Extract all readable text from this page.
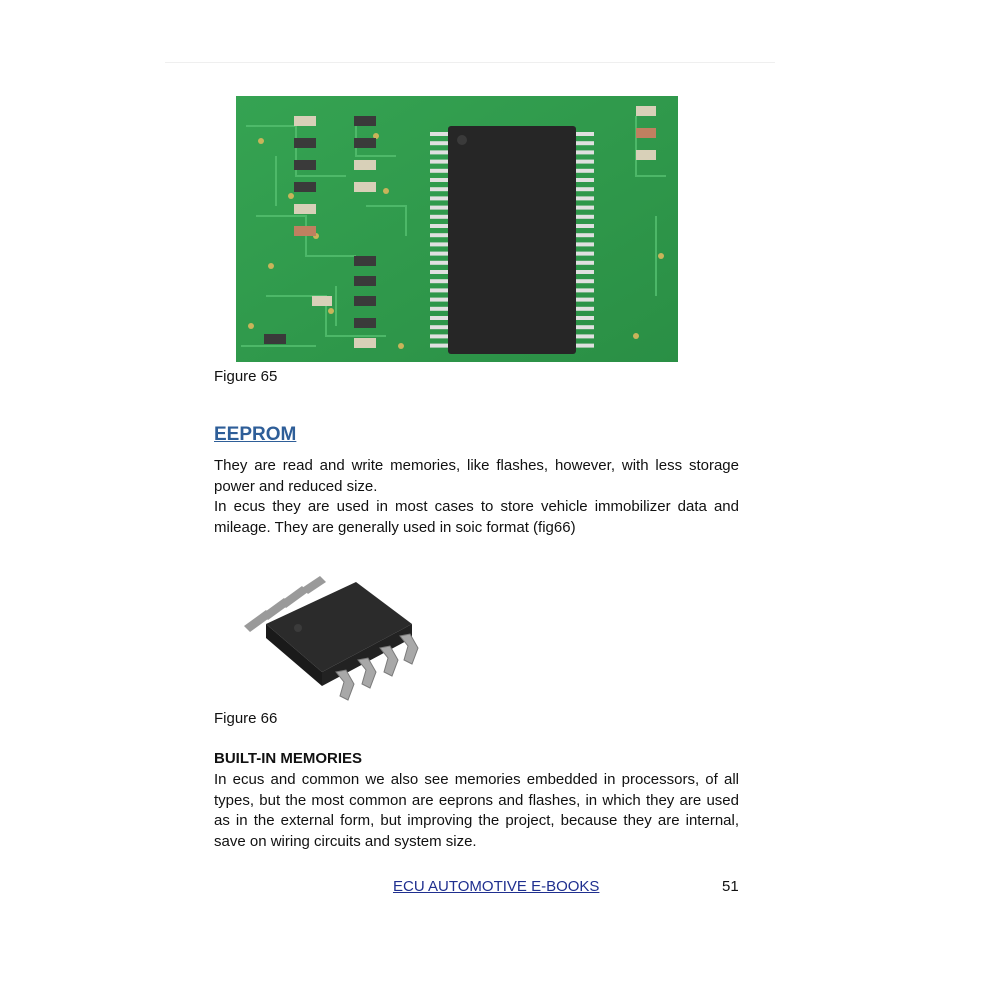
Figure 65
EEPROM

They are read and write memories, like flashes, however, with less storage power and reduced size.

In ecus they are used in most cases to store vehicle immobilizer data and mileage. They are generally used in soic format (fig66)

Figure 66
BUILT-IN MEMORIES

In ecus and common we also see memories embedded in processors, of all types, but the most common are eeprons and flashes, in which they are used as in the external form, but improving the project, because they are internal, save on wiring circuits and system size.

ECU AUTOMOTIVE E-BOOKS	51
